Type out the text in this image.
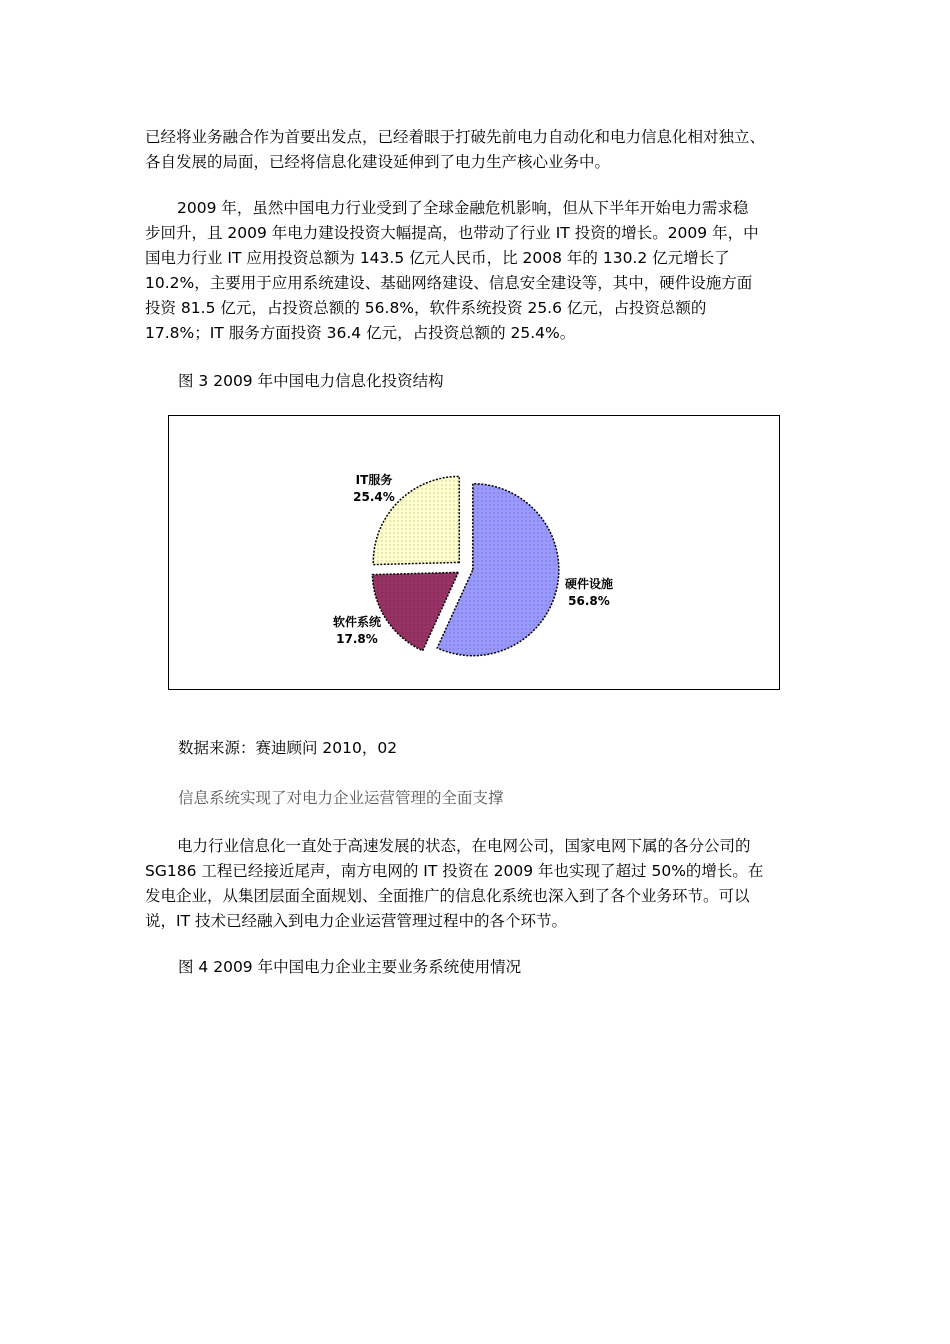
已经将业务融合作为首要出发点，已经着眼于打破先前电力自动化和电力信息化相对独立、
各自发展的局面，已经将信息化建设延伸到了电力生产核心业务中。
2009 年，虽然中国电力行业受到了全球金融危机影响，但从下半年开始电力需求稳
步回升，且 2009 年电力建设投资大幅提高，也带动了行业 IT 投资的增长。2009 年，中
国电力行业 IT 应用投资总额为 143.5 亿元人民币，比 2008 年的 130.2 亿元增长了
10.2%，主要用于应用系统建设、基础网络建设、信息安全建设等，其中，硬件设施方面
投资 81.5 亿元，占投资总额的 56.8%，软件系统投资 25.6 亿元，占投资总额的
17.8%；IT 服务方面投资 36.4 亿元，占投资总额的 25.4%。

图 3 2009 年中国电力信息化投资结构

硬件设施
56.8%
软件系统
17.8%
IT服务
25.4%

数据来源：赛迪顾问 2010，02

信息系统实现了对电力企业运营管理的全面支撑

电力行业信息化一直处于高速发展的状态，在电网公司，国家电网下属的各分公司的
SG186 工程已经接近尾声，南方电网的 IT 投资在 2009 年也实现了超过 50%的增长。在
发电企业，从集团层面全面规划、全面推广的信息化系统也深入到了各个业务环节。可以
说，IT 技术已经融入到电力企业运营管理过程中的各个环节。

图 4 2009 年中国电力企业主要业务系统使用情况
